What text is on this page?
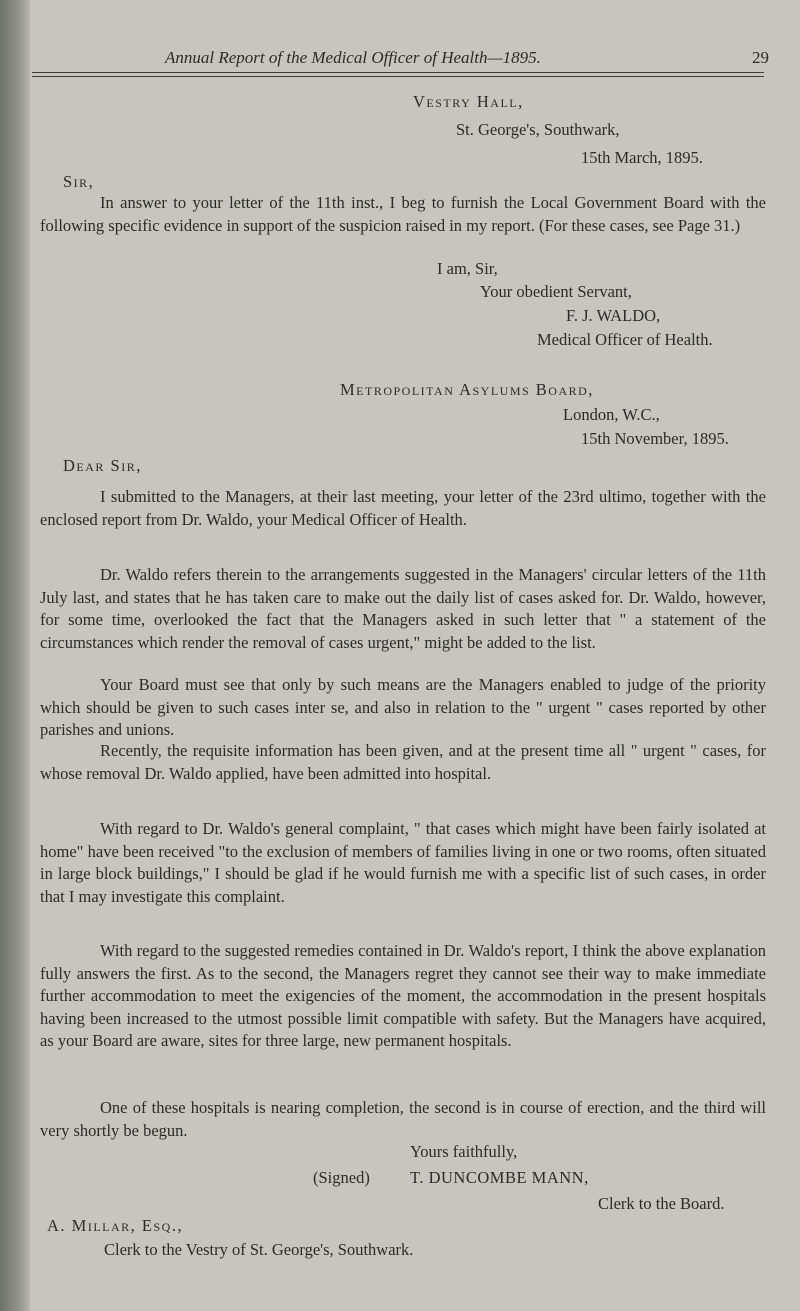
Annual Report of the Medical Officer of Health—1895.	29
Vestry Hall,
St. George's, Southwark,
15th March, 1895.
Sir,
In answer to your letter of the 11th inst., I beg to furnish the Local Government Board with the following specific evidence in support of the suspicion raised in my report. (For these cases, see Page 31.)
I am, Sir,
Your obedient Servant,
F. J. WALDO,
Medical Officer of Health.
Metropolitan Asylums Board,
London, W.C.,
15th November, 1895.
Dear Sir,
I submitted to the Managers, at their last meeting, your letter of the 23rd ultimo, together with the enclosed report from Dr. Waldo, your Medical Officer of Health.
Dr. Waldo refers therein to the arrangements suggested in the Managers' circular letters of the 11th July last, and states that he has taken care to make out the daily list of cases asked for. Dr. Waldo, however, for some time, overlooked the fact that the Managers asked in such letter that " a statement of the circumstances which render the removal of cases urgent," might be added to the list.
Your Board must see that only by such means are the Managers enabled to judge of the priority which should be given to such cases inter se, and also in relation to the " urgent " cases reported by other parishes and unions.
Recently, the requisite information has been given, and at the present time all " urgent " cases, for whose removal Dr. Waldo applied, have been admitted into hospital.
With regard to Dr. Waldo's general complaint, " that cases which might have been fairly isolated at home" have been received "to the exclusion of members of families living in one or two rooms, often situated in large block buildings," I should be glad if he would furnish me with a specific list of such cases, in order that I may investigate this complaint.
With regard to the suggested remedies contained in Dr. Waldo's report, I think the above explanation fully answers the first. As to the second, the Managers regret they cannot see their way to make immediate further accommodation to meet the exigencies of the moment, the accommodation in the present hospitals having been increased to the utmost possible limit compatible with safety. But the Managers have acquired, as your Board are aware, sites for three large, new permanent hospitals.
One of these hospitals is nearing completion, the second is in course of erection, and the third will very shortly be begun.
Yours faithfully,
(Signed) T. DUNCOMBE MANN,
Clerk to the Board.
A. Millar, Esq.,
Clerk to the Vestry of St. George's, Southwark.
